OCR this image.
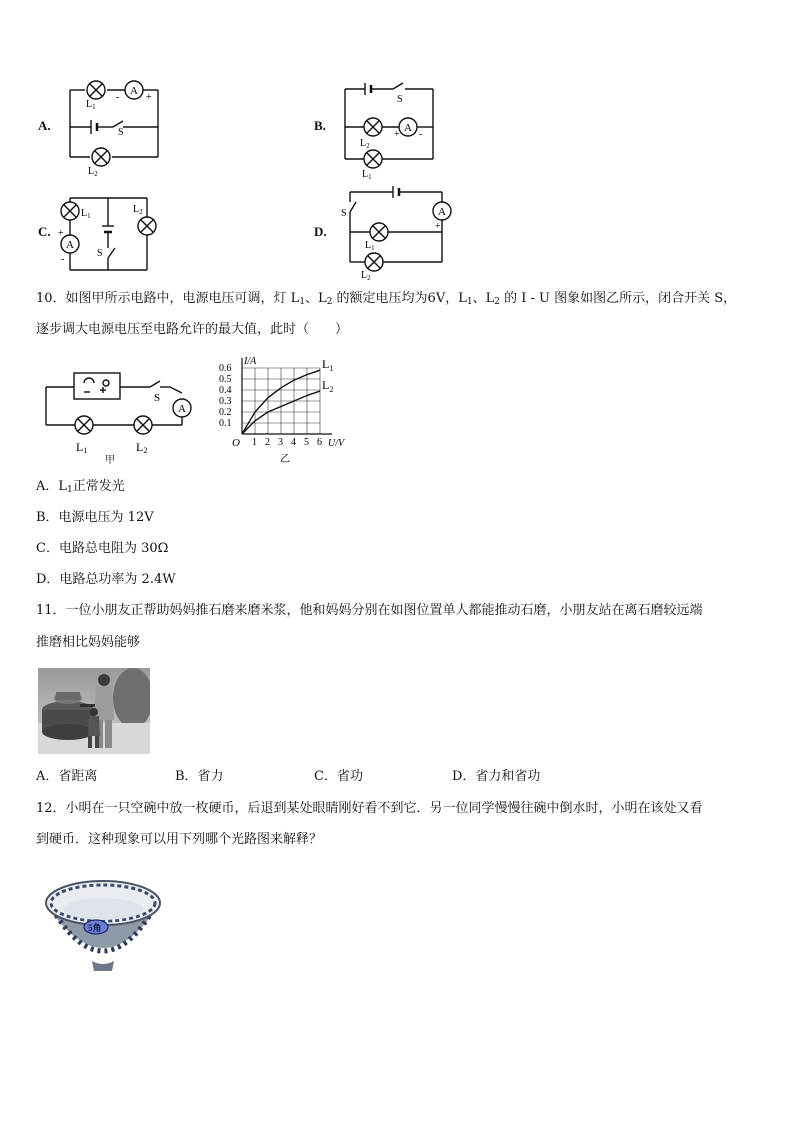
A.	B.
C.	D.
A
-	+
$L_1$
S
$L_2$
A
+ -
S
$L_2$
$L_1$
A
+
-
$L_1$
$L_2$
S
A
+
S
$L_1$
$L_2$
10．如图甲所示电路中，电源电压可调，灯 $L_1$、$L_2$ 的额定电压均为6V，$L_1$、$L_2$ 的 I - U 图象如图乙所示，闭合开关 S，
逐步调大电源电压至电路允许的最大值，此时（　　）
A
S
L1	L2
甲
1 2 3 4 5 6
0.1
0.2
0.3
0.4
0.5
0.6
O	U/V
I/A	$L_1$
$L_2$
乙
A．$L_1$正常发光
B．电源电压为 12V
C．电路总电阻为 30Ω
D．电路总功率为 2.4W
11．一位小朋友正帮助妈妈推石磨来磨米浆，他和妈妈分别在如图位置单人都能推动石磨，小朋友站在离石磨较远端
推磨相比妈妈能够
A．省距离	B．省力	C．省功	D．省力和省功
12．小明在一只空碗中放一枚硬币，后退到某处眼睛刚好看不到它．另一位同学慢慢往碗中倒水时，小明在该处又看
到硬币．这种现象可以用下列哪个光路图来解释？
5角
